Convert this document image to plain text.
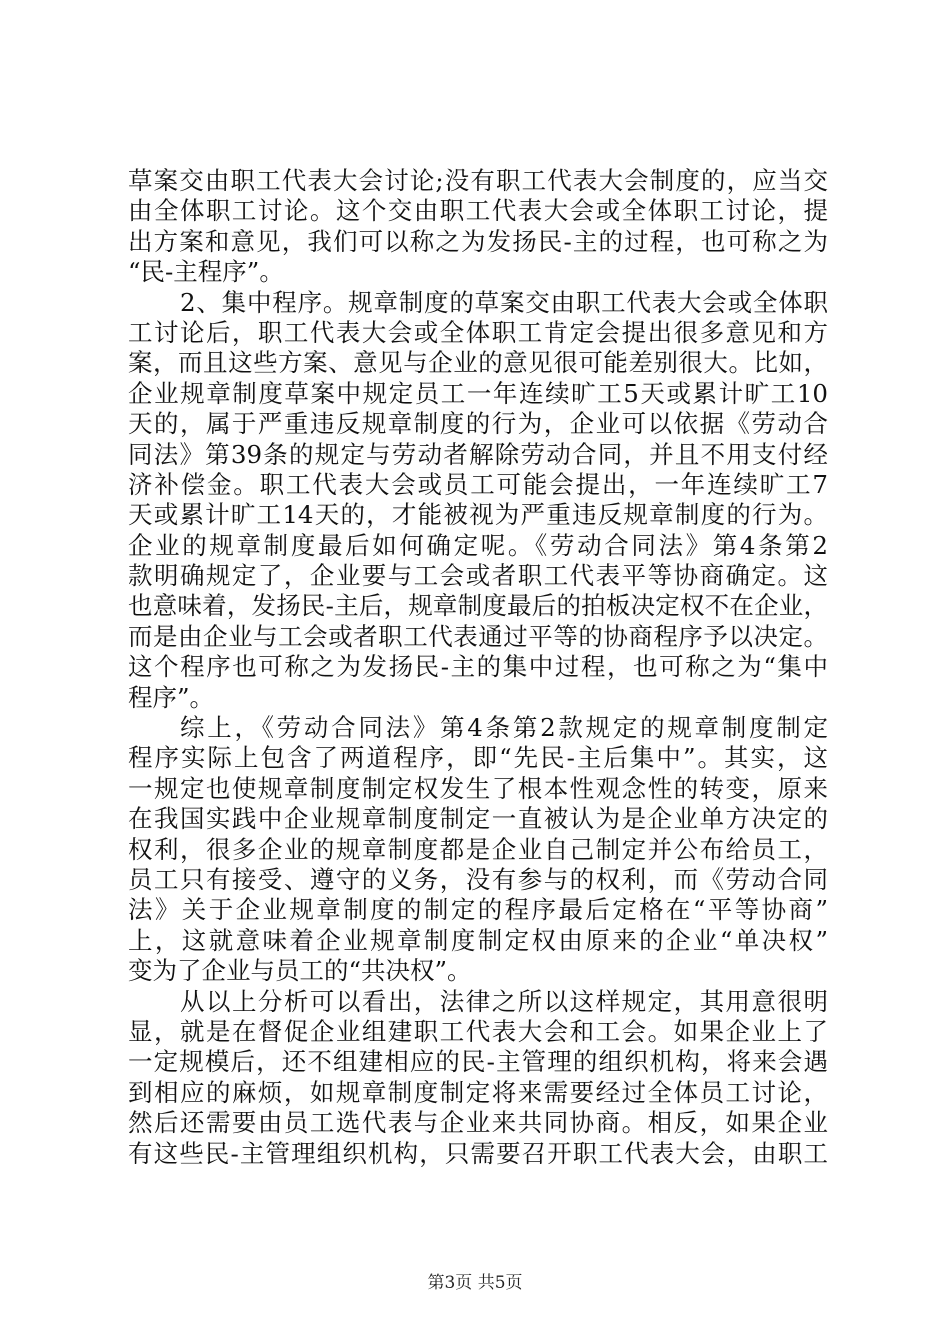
草案交由职工代表大会讨论;没有职工代表大会制度的，应当交
由全体职工讨论。这个交由职工代表大会或全体职工讨论，提
出方案和意见，我们可以称之为发扬民-主的过程，也可称之为
“民-主程序”。
2、集中程序。规章制度的草案交由职工代表大会或全体职
工讨论后，职工代表大会或全体职工肯定会提出很多意见和方
案，而且这些方案、意见与企业的意见很可能差别很大。比如，
企业规章制度草案中规定员工一年连续旷工5天或累计旷工10
天的，属于严重违反规章制度的行为，企业可以依据《劳动合
同法》第39条的规定与劳动者解除劳动合同，并且不用支付经
济补偿金。职工代表大会或员工可能会提出，一年连续旷工7
天或累计旷工14天的，才能被视为严重违反规章制度的行为。
企业的规章制度最后如何确定呢。《劳动合同法》第4条第2
款明确规定了，企业要与工会或者职工代表平等协商确定。这
也意味着，发扬民-主后，规章制度最后的拍板决定权不在企业，
而是由企业与工会或者职工代表通过平等的协商程序予以决定。
这个程序也可称之为发扬民-主的集中过程，也可称之为“集中
程序”。
综上，《劳动合同法》第4条第2款规定的规章制度制定
程序实际上包含了两道程序，即“先民-主后集中”。其实，这
一规定也使规章制度制定权发生了根本性观念性的转变，原来
在我国实践中企业规章制度制定一直被认为是企业单方决定的
权利，很多企业的规章制度都是企业自己制定并公布给员工，
员工只有接受、遵守的义务，没有参与的权利，而《劳动合同
法》关于企业规章制度的制定的程序最后定格在“平等协商”
上，这就意味着企业规章制度制定权由原来的企业“单决权”
变为了企业与员工的“共决权”。
从以上分析可以看出，法律之所以这样规定，其用意很明
显，就是在督促企业组建职工代表大会和工会。如果企业上了
一定规模后，还不组建相应的民-主管理的组织机构，将来会遇
到相应的麻烦，如规章制度制定将来需要经过全体员工讨论，
然后还需要由员工选代表与企业来共同协商。相反，如果企业
有这些民-主管理组织机构，只需要召开职工代表大会，由职工
第3页 共5页
